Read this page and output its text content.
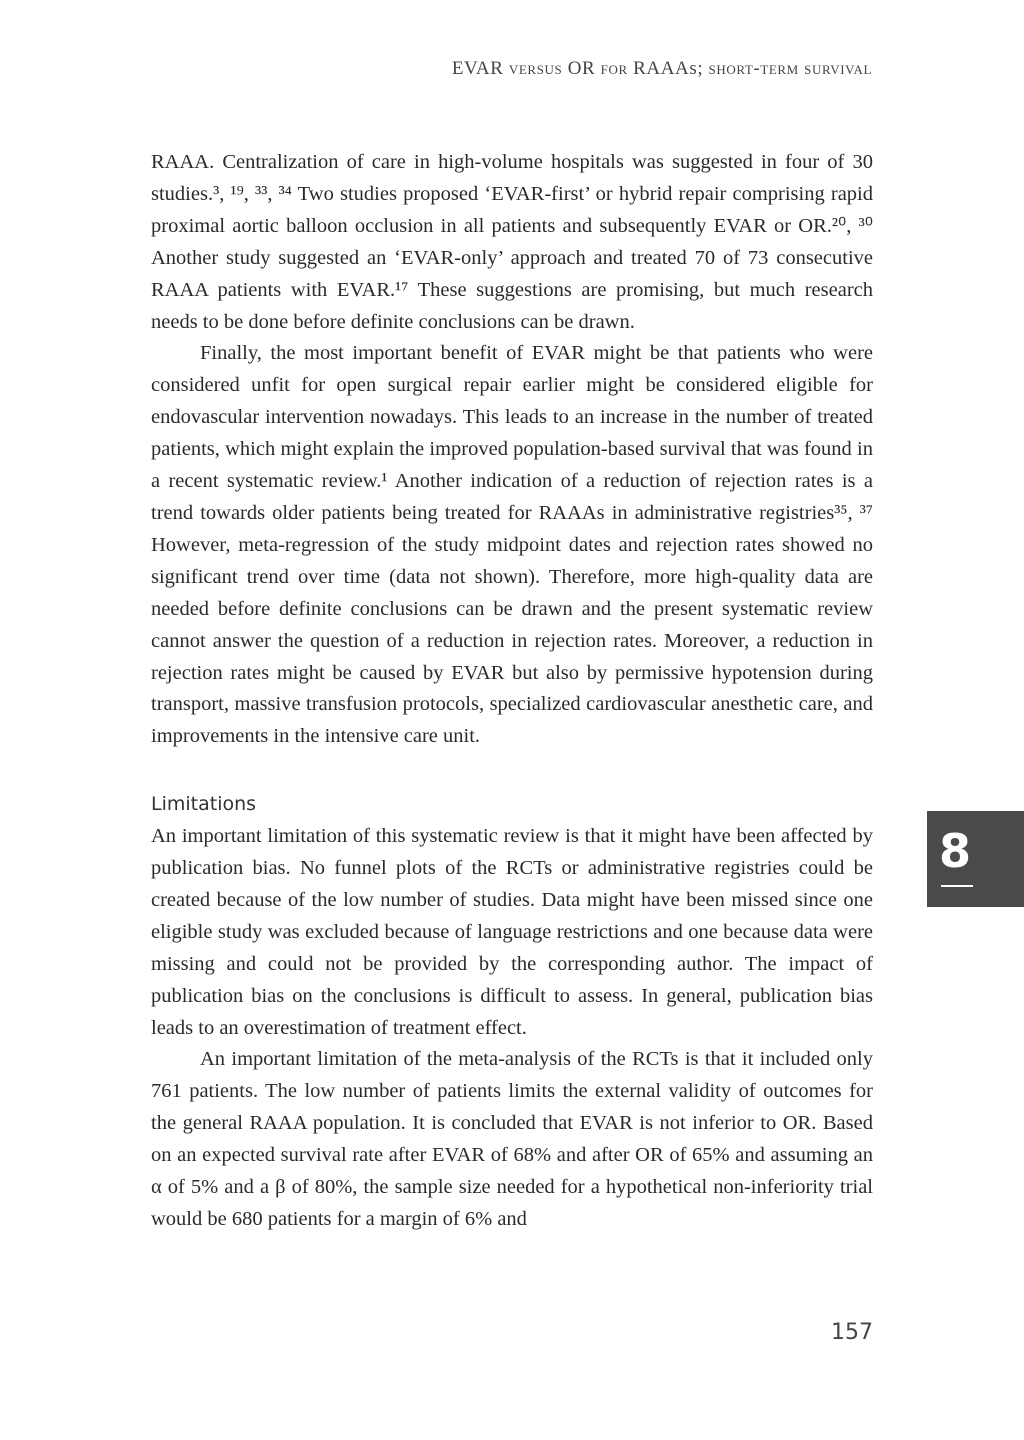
EVAR versus OR for RAAAs; short-term survival

RAAA. Centralization of care in high-volume hospitals was suggested in four of 30 studies.³, ¹⁹, ³³, ³⁴ Two studies proposed ‘EVAR-first’ or hybrid repair comprising rapid proximal aortic balloon occlusion in all patients and subsequently EVAR or OR.²⁰, ³⁰ Another study suggested an ‘EVAR-only’ approach and treated 70 of 73 consecutive RAAA patients with EVAR.¹⁷ These suggestions are promising, but much research needs to be done before definite conclusions can be drawn.

Finally, the most important benefit of EVAR might be that patients who were considered unfit for open surgical repair earlier might be considered eligible for endovascular intervention nowadays. This leads to an increase in the number of treated patients, which might explain the improved population-based survival that was found in a recent systematic review.¹ Another indication of a reduction of rejection rates is a trend towards older patients being treated for RAAAs in administrative registries³⁵, ³⁷ However, meta-regression of the study midpoint dates and rejection rates showed no significant trend over time (data not shown). Therefore, more high-quality data are needed before definite conclusions can be drawn and the present systematic review cannot answer the question of a reduction in rejection rates. Moreover, a reduction in rejection rates might be caused by EVAR but also by permissive hypotension during transport, massive transfusion protocols, specialized cardiovascular anesthetic care, and improvements in the intensive care unit.

Limitations

An important limitation of this systematic review is that it might have been affected by publication bias. No funnel plots of the RCTs or administrative registries could be created because of the low number of studies. Data might have been missed since one eligible study was excluded because of language restrictions and one because data were missing and could not be provided by the corresponding author. The impact of publication bias on the conclusions is difficult to assess. In general, publication bias leads to an overestimation of treatment effect.

An important limitation of the meta-analysis of the RCTs is that it included only 761 patients. The low number of patients limits the external validity of outcomes for the general RAAA population. It is concluded that EVAR is not inferior to OR. Based on an expected survival rate after EVAR of 68% and after OR of 65% and assuming an α of 5% and a β of 80%, the sample size needed for a hypothetical non-inferiority trial would be 680 patients for a margin of 6% and

8
157
